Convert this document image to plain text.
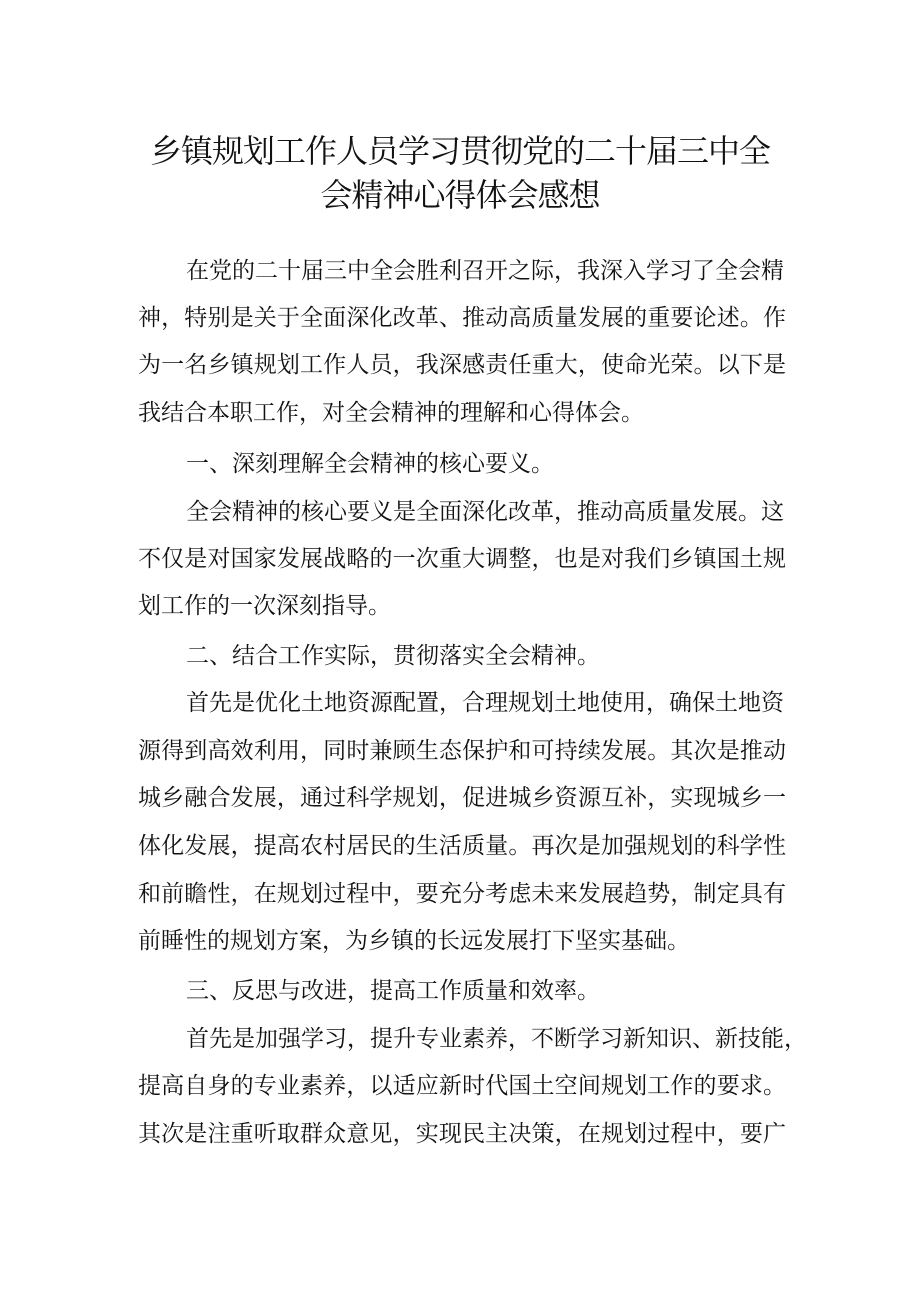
乡镇规划工作人员学习贯彻党的二十届三中全
会精神心得体会感想
在党的二十届三中全会胜利召开之际，我深入学习了全会精
神，特别是关于全面深化改革、推动高质量发展的重要论述。作
为一名乡镇规划工作人员，我深感责任重大，使命光荣。以下是
我结合本职工作，对全会精神的理解和心得体会。
一、深刻理解全会精神的核心要义。
全会精神的核心要义是全面深化改革，推动高质量发展。这
不仅是对国家发展战略的一次重大调整，也是对我们乡镇国土规
划工作的一次深刻指导。
二、结合工作实际，贯彻落实全会精神。
首先是优化土地资源配置，合理规划土地使用，确保土地资
源得到高效利用，同时兼顾生态保护和可持续发展。其次是推动
城乡融合发展，通过科学规划，促进城乡资源互补，实现城乡一
体化发展，提高农村居民的生活质量。再次是加强规划的科学性
和前瞻性，在规划过程中，要充分考虑未来发展趋势，制定具有
前睡性的规划方案，为乡镇的长远发展打下坚实基础。
三、反思与改进，提高工作质量和效率。
首先是加强学习，提升专业素养，不断学习新知识、新技能，
提高自身的专业素养，以适应新时代国土空间规划工作的要求。
其次是注重听取群众意见，实现民主决策，在规划过程中，要广
